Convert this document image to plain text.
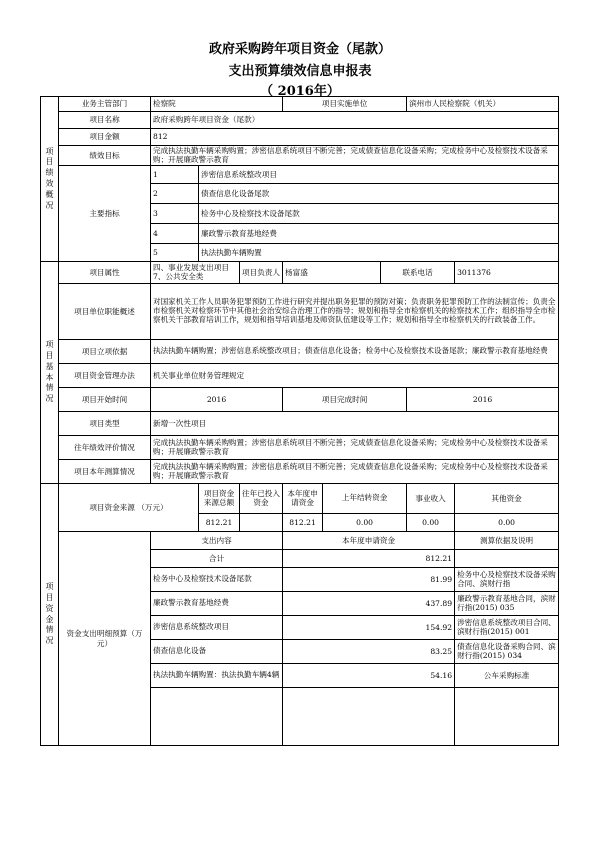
政府采购跨年项目资金（尾款）
支出预算绩效信息申报表
（ 2016年）
项目绩效概况	业务主管部门	检察院			项目实施单位			滨州市人民检察院（机关）	
	项目名称	政府采购跨年项目资金（尾款）							
	项目金额	812							
	绩效目标	完成执法执勤车辆采购购置；涉密信息系统项目不断完善；完成债查信息化设备采购；完成检务中心及检察技术设备采购；开展廉政警示教育							
	主要指标	1	涉密信息系统整改项目						
		2	债查信息化设备尾款						
		3	检务中心及检察技术设备尾款						
		4	廉政警示教育基地经费						
		5	执法执勤车辆购置						

项目基本情况	项目属性	四、事业发展支出项目 7、公共安全类		项目负责人	杨富盛		联系电话		3011376
	项目单位职能概述	对国家机关工作人员职务犯罪预防工作进行研究并提出职务犯罪的预防对策；负责职务犯罪预防工作的法制宣传；负责全市检察机关对检察环节中其他社会治安综合治理工作的指导；规划和指导全市检察机关的检察技术工作；组织指导全市检察机关干部教育培训工作，规划和指导培训基地及师资队伍建设等工作；规划和指导全市检察机关的行政装备工作。							
	项目立项依据	执法执勤车辆购置；涉密信息系统整改项目；债查信息化设备；检务中心及检察技术设备尾款；廉政警示教育基地经费							
	项目资金管理办法	机关事业单位财务管理规定							
	项目开始时间	2016			项目完成时间			2016	
	项目类型	新增一次性项目							
	往年绩效评价情况	完成执法执勤车辆采购购置；涉密信息系统项目不断完善；完成债查信息化设备采购；完成检务中心及检察技术设备采购；开展廉政警示教育							
	项目本年测算情况	完成执法执勤车辆采购购置；涉密信息系统项目不断完善；完成债查信息化设备采购；完成检务中心及检察技术设备采购；开展廉政警示教育							

项目资金情况	项目资金来源 （万元）		项目资金来源总额	往年已投入资金	本年度申请资金	上年结转资金		事业收入	其他资金
			812.21		812.21	0.00		0.00	0.00
	资金支出明细预算（万元）	支出内容			本年度申请资金				测算依据及说明
		合计			812.21				
		检务中心及检察技术设备尾款			81.99				检务中心及检察技术设备采购合同、滨财行指
		廉政警示教育基地经费			437.89				廉政警示教育基地合同，滨财行指(2015) 035
		涉密信息系统整改项目			154.92				涉密信息系统整改项目合同、滨财行指(2015) 001
		债查信息化设备			83.25				债查信息化设备采购合同、滨财行指(2015) 034
		执法执勤车辆购置：执法执勤车辆4辆			54.16				公车采购标准
